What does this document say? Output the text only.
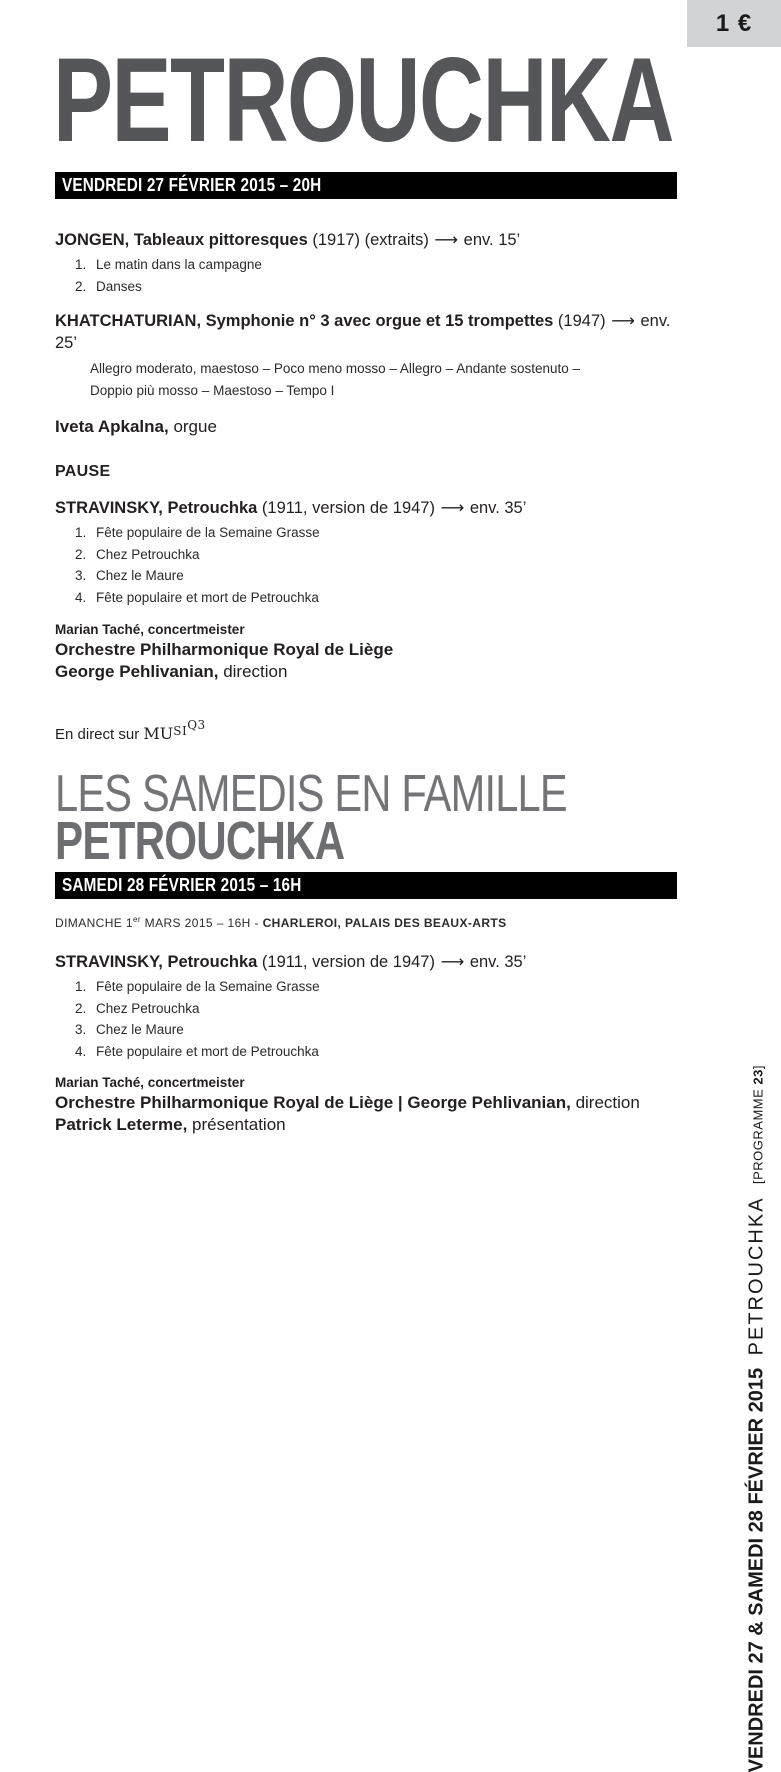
1 €
PETROUCHKA
VENDREDI 27 FÉVRIER 2015 – 20H
JONGEN, Tableaux pittoresques (1917) (extraits) ⟶ env. 15’
1. Le matin dans la campagne
2. Danses
KHATCHATURIAN, Symphonie n° 3 avec orgue et 15 trompettes (1947) ⟶ env. 25’
Allegro moderato, maestoso – Poco meno mosso – Allegro – Andante sostenuto –
Doppio più mosso – Maestoso – Tempo I
Iveta Apkalna, orgue
PAUSE
STRAVINSKY, Petrouchka (1911, version de 1947) ⟶ env. 35’
1. Fête populaire de la Semaine Grasse
2. Chez Petrouchka
3. Chez le Maure
4. Fête populaire et mort de Petrouchka
Marian Taché, concertmeister
Orchestre Philharmonique Royal de Liège
George Pehlivanian, direction
En direct sur $MU^{SIQ3}$
LES SAMEDIS EN FAMILLE
PETROUCHKA
SAMEDI 28 FÉVRIER 2015 – 16H
DIMANCHE 1er MARS 2015 – 16H - CHARLEROI, PALAIS DES BEAUX-ARTS
STRAVINSKY, Petrouchka (1911, version de 1947) ⟶ env. 35’
1. Fête populaire de la Semaine Grasse
2. Chez Petrouchka
3. Chez le Maure
4. Fête populaire et mort de Petrouchka
Marian Taché, concertmeister
Orchestre Philharmonique Royal de Liège | George Pehlivanian, direction
Patrick Leterme, présentation
VENDREDI 27 & SAMEDI 28 FÉVRIER 2015 PETROUCHKA [PROGRAMME 23]
